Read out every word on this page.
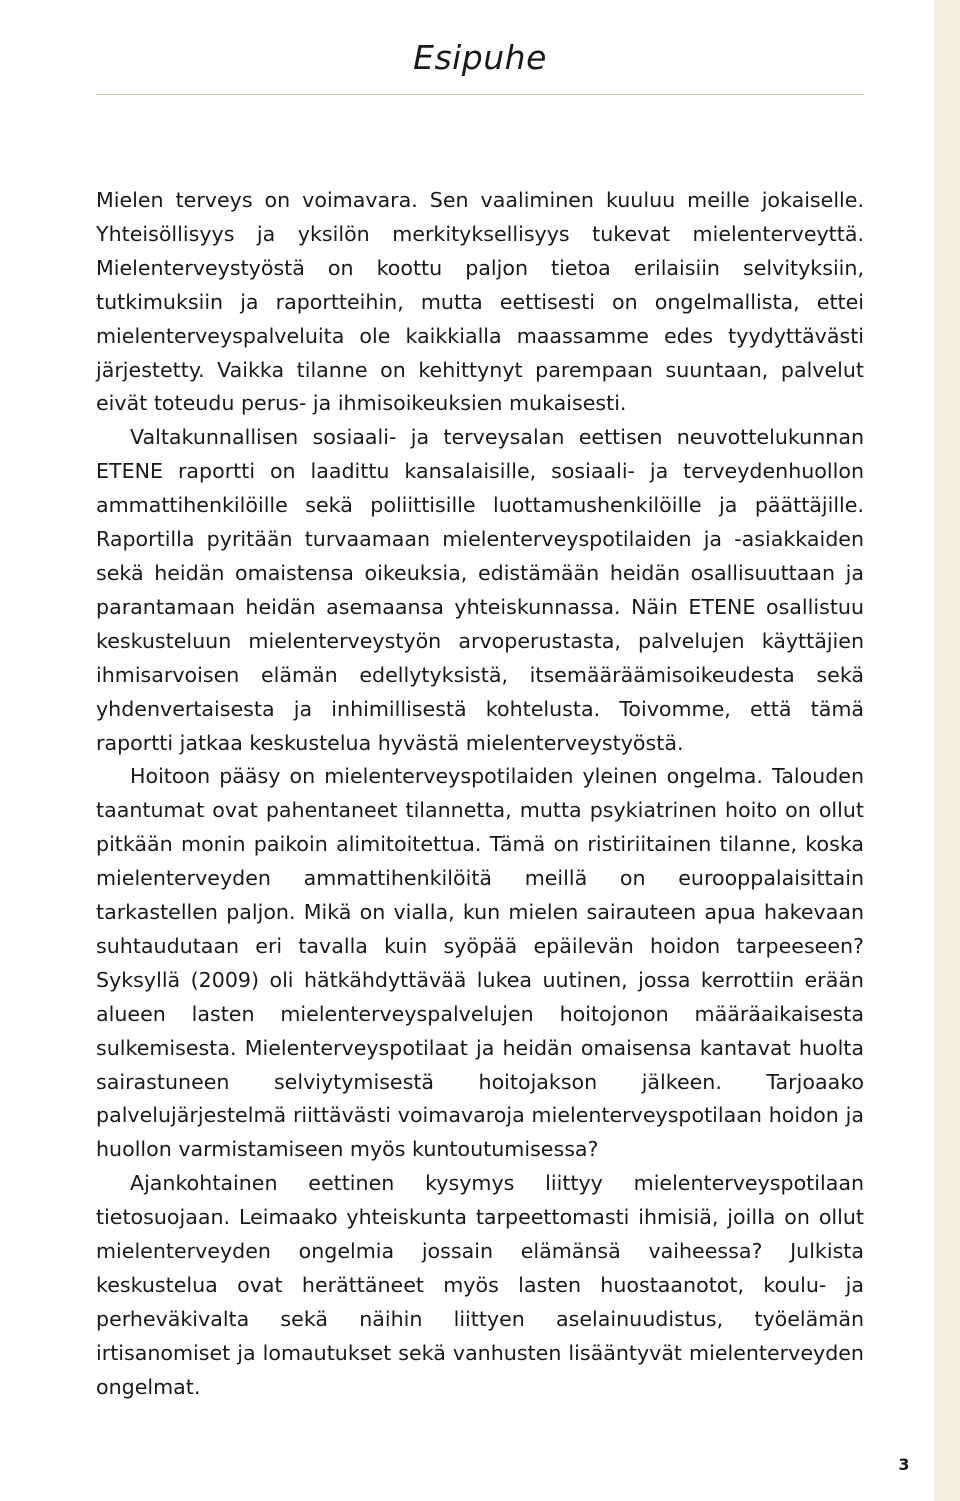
Esipuhe

Mielen terveys on voimavara. Sen vaaliminen kuuluu meille jokaiselle. Yhteisöllisyys ja yksilön merkityksellisyys tukevat mielenterveyttä. Mielenterveystyöstä on koottu paljon tietoa erilaisiin selvityksiin, tutkimuksiin ja raportteihin, mutta eettisesti on ongelmallista, ettei mielenterveyspalveluita ole kaikkialla maassamme edes tyydyttävästi järjestetty. Vaikka tilanne on kehittynyt parempaan suuntaan, palvelut eivät toteudu perus- ja ihmisoikeuksien mukaisesti.

Valtakunnallisen sosiaali- ja terveysalan eettisen neuvottelukunnan ETENE raportti on laadittu kansalaisille, sosiaali- ja terveydenhuollon ammattihenkilöille sekä poliittisille luottamushenkilöille ja päättäjille. Raportilla pyritään turvaamaan mielenterveyspotilaiden ja -asiakkaiden sekä heidän omaistensa oikeuksia, edistämään heidän osallisuuttaan ja parantamaan heidän asemaansa yhteiskunnassa. Näin ETENE osallistuu keskusteluun mielenterveystyön arvoperustasta, palvelujen käyttäjien ihmisarvoisen elämän edellytyksistä, itsemääräämisoikeudesta sekä yhdenvertaisesta ja inhimillisestä kohtelusta. Toivomme, että tämä raportti jatkaa keskustelua hyvästä mielenterveystyöstä.

Hoitoon pääsy on mielenterveyspotilaiden yleinen ongelma. Talouden taantumat ovat pahentaneet tilannetta, mutta psykiatrinen hoito on ollut pitkään monin paikoin alimitoitettua. Tämä on ristiriitainen tilanne, koska mielenterveyden ammattihenkilöitä meillä on eurooppalaisittain tarkastellen paljon. Mikä on vialla, kun mielen sairauteen apua hakevaan suhtaudutaan eri tavalla kuin syöpää epäilevän hoidon tarpeeseen? Syksyllä (2009) oli hätkähdyttävää lukea uutinen, jossa kerrottiin erään alueen lasten mielenterveyspalvelujen hoitojonon määräaikaisesta sulkemisesta. Mielenterveyspotilaat ja heidän omaisensa kantavat huolta sairastuneen selviytymisestä hoitojakson jälkeen. Tarjoaako palvelujärjestelmä riittävästi voimavaroja mielenterveyspotilaan hoidon ja huollon varmistamiseen myös kuntoutumisessa?

Ajankohtainen eettinen kysymys liittyy mielenterveyspotilaan tietosuojaan. Leimaako yhteiskunta tarpeettomasti ihmisiä, joilla on ollut mielenterveyden ongelmia jossain elämänsä vaiheessa? Julkista keskustelua ovat herättäneet myös lasten huostaanotot, koulu- ja perheväkivalta sekä näihin liittyen aselainuudistus, työelämän irtisanomiset ja lomautukset sekä vanhusten lisääntyvät mielenterveyden ongelmat.

3
